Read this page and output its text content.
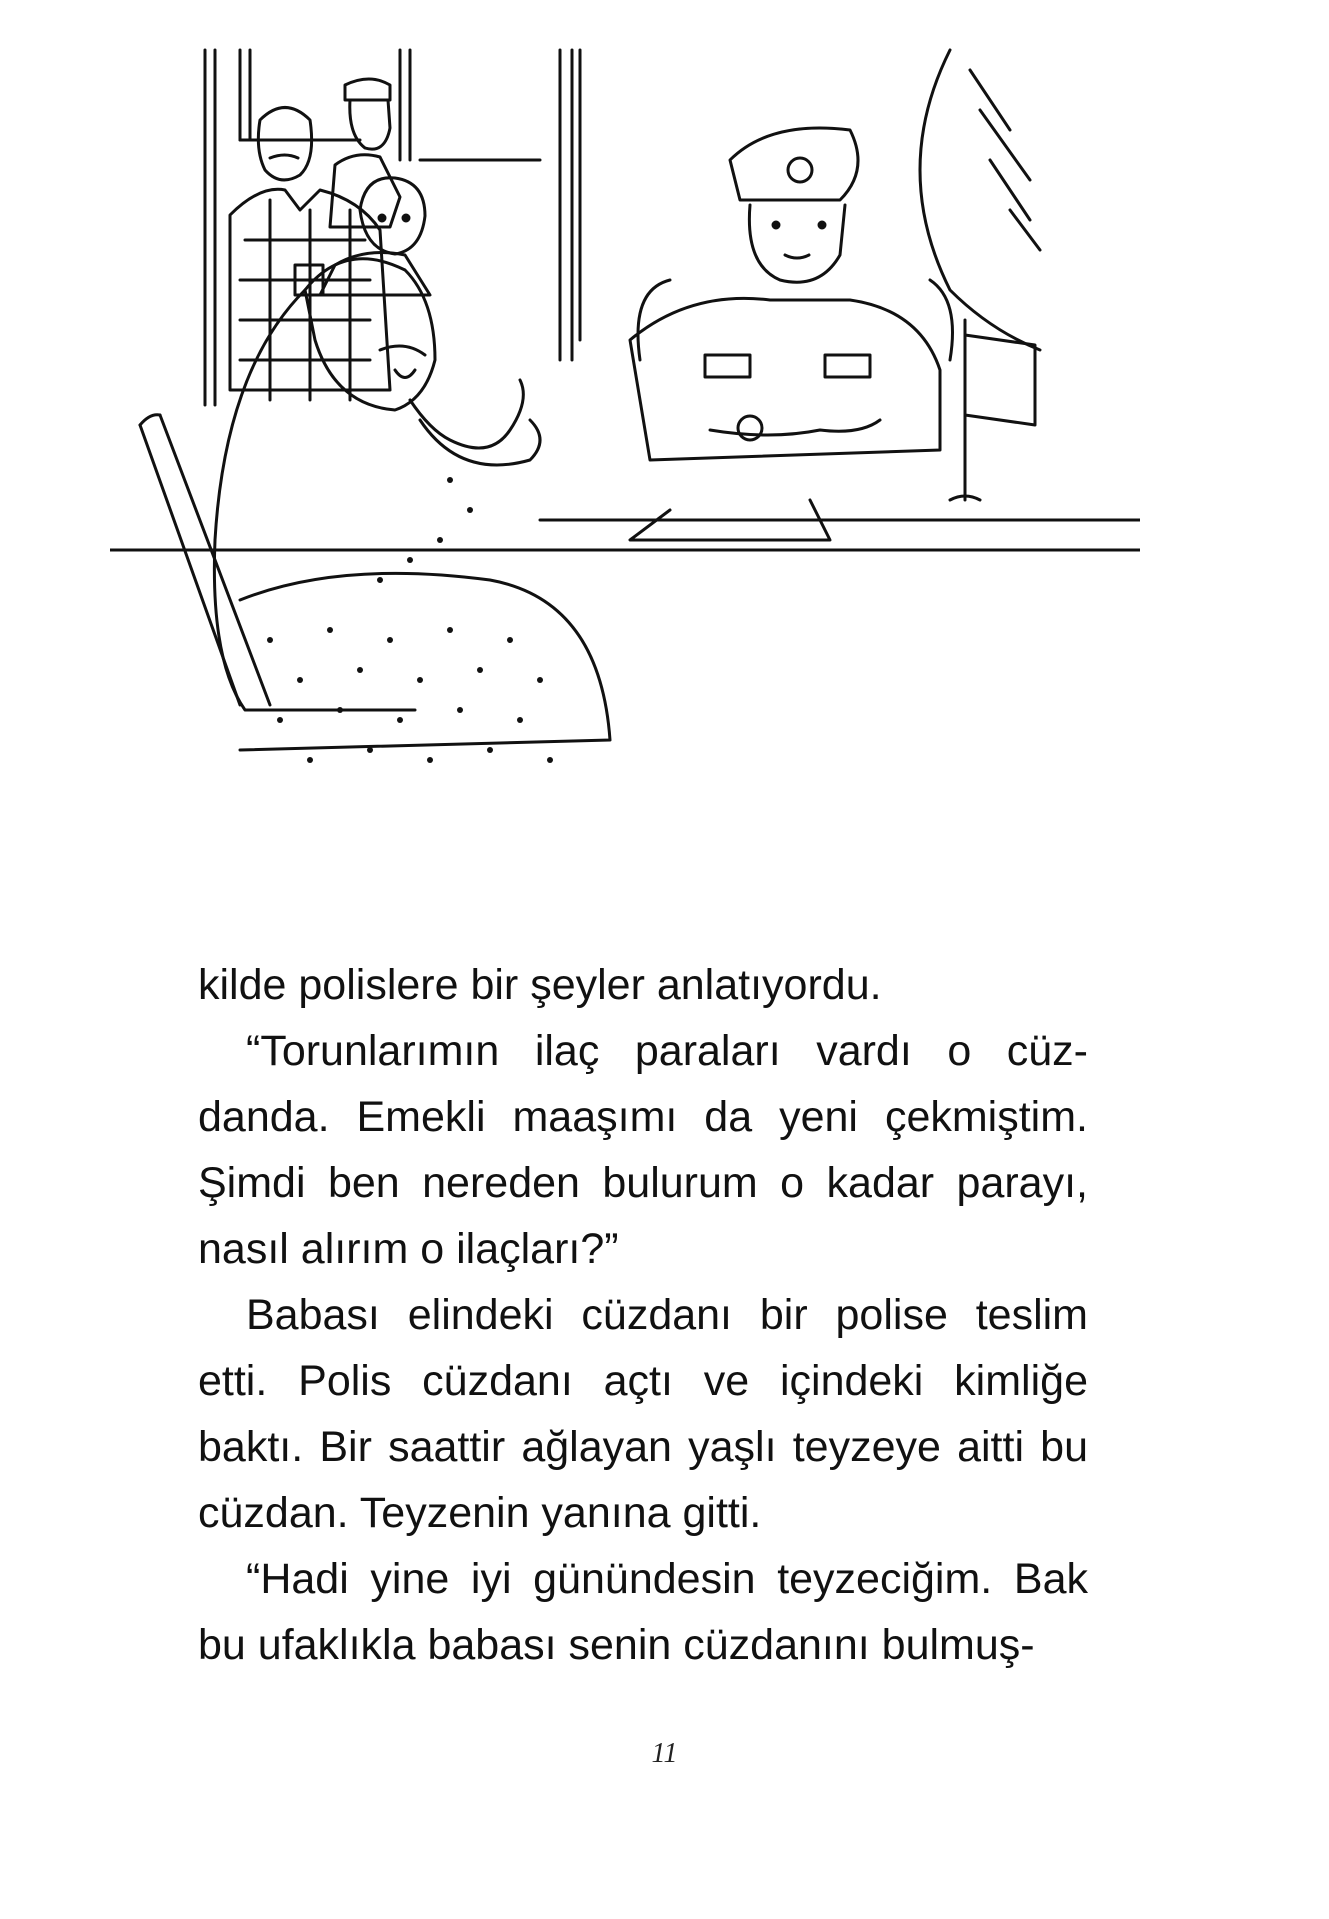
kilde polislere bir şeyler anlatıyordu.

“Torunlarımın ilaç paraları vardı o cüz-danda. Emekli maaşımı da yeni çekmiştim. Şimdi ben nereden bulurum o kadar parayı, nasıl alırım o ilaçları?”

Babası elindeki cüzdanı bir polise teslim etti. Polis cüzdanı açtı ve içindeki kimliğe baktı. Bir saattir ağlayan yaşlı teyzeye aitti bu cüzdan. Teyzenin yanına gitti.

“Hadi yine iyi günündesin teyzeciğim. Bak bu ufaklıkla babası senin cüzdanını bulmuş-

11
